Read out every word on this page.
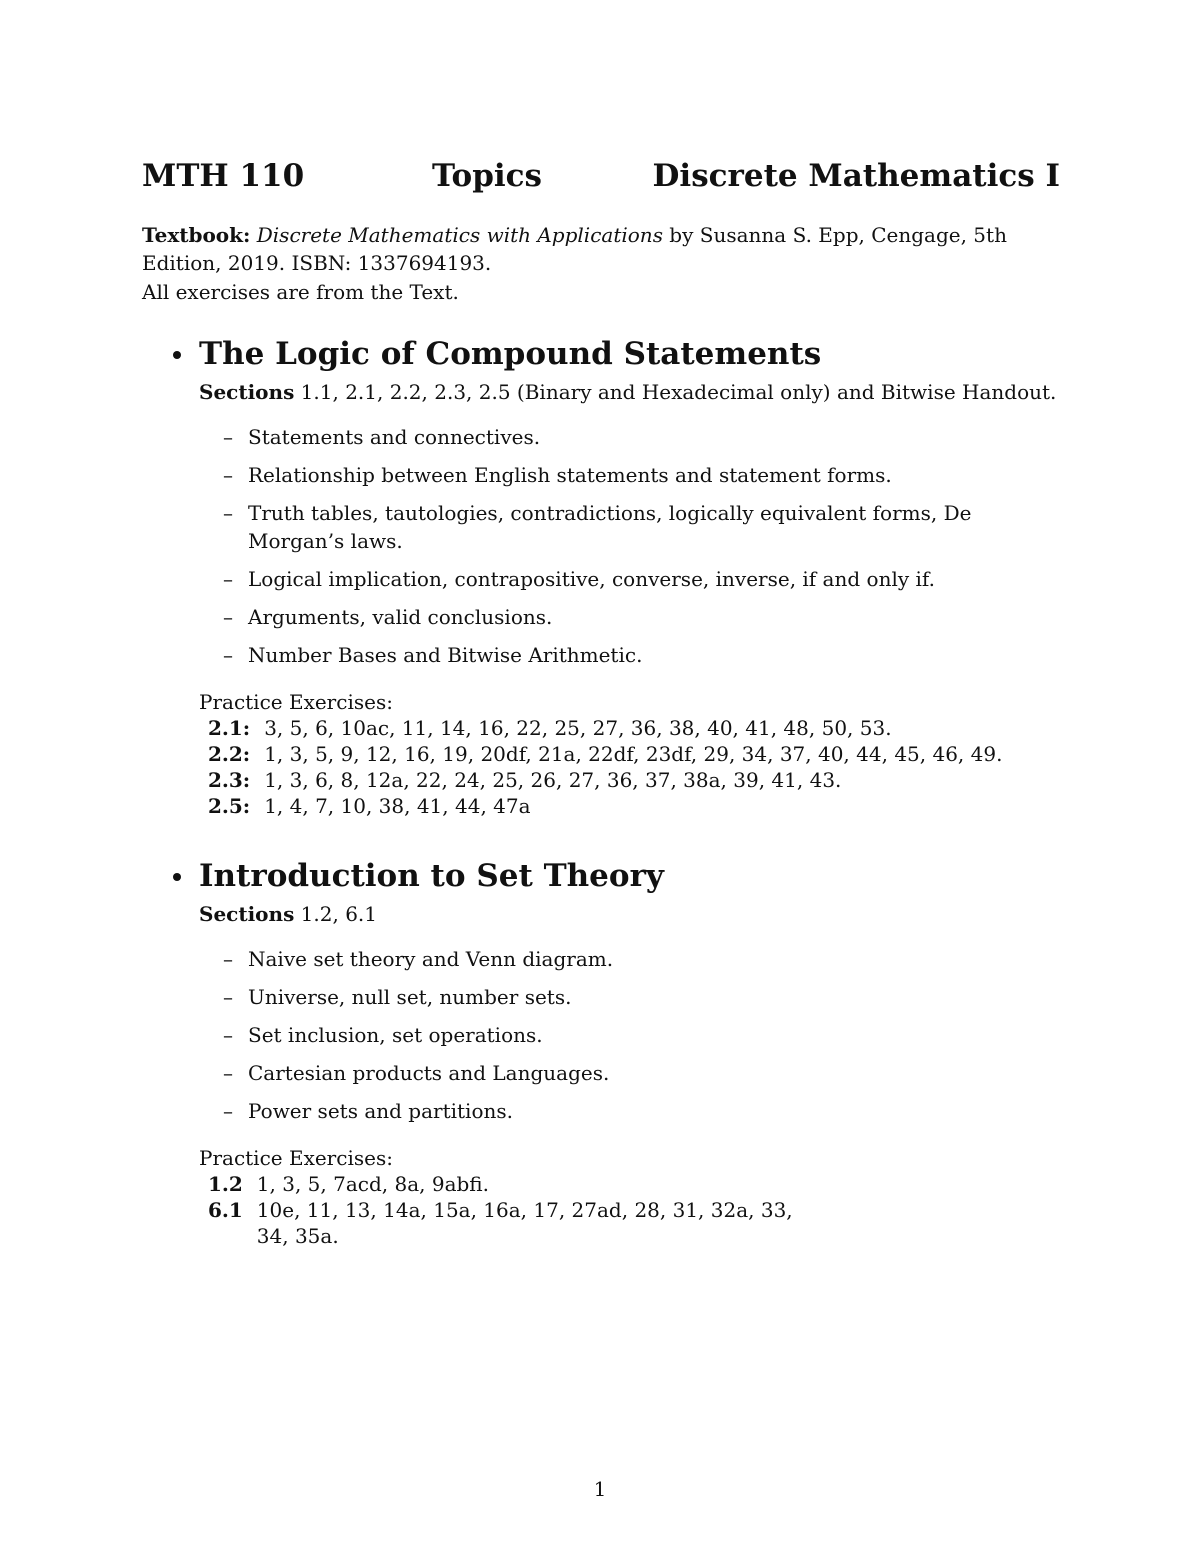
MTH 110	Topics	Discrete Mathematics I
Textbook: Discrete Mathematics with Applications by Susanna S. Epp, Cengage, 5th Edition, 2019. ISBN: 1337694193.
All exercises are from the Text.
The Logic of Compound Statements
Sections 1.1, 2.1, 2.2, 2.3, 2.5 (Binary and Hexadecimal only) and Bitwise Handout.
– Statements and connectives.
– Relationship between English statements and statement forms.
– Truth tables, tautologies, contradictions, logically equivalent forms, De Morgan’s laws.
– Logical implication, contrapositive, converse, inverse, if and only if.
– Arguments, valid conclusions.
– Number Bases and Bitwise Arithmetic.
Practice Exercises:
2.1:	3, 5, 6, 10ac, 11, 14, 16, 22, 25, 27, 36, 38, 40, 41, 48, 50, 53.
2.2:	1, 3, 5, 9, 12, 16, 19, 20df, 21a, 22df, 23df, 29, 34, 37, 40, 44, 45, 46, 49.
2.3:	1, 3, 6, 8, 12a, 22, 24, 25, 26, 27, 36, 37, 38a, 39, 41, 43.
2.5:	1, 4, 7, 10, 38, 41, 44, 47a
Introduction to Set Theory
Sections 1.2, 6.1
– Naive set theory and Venn diagram.
– Universe, null set, number sets.
– Set inclusion, set operations.
– Cartesian products and Languages.
– Power sets and partitions.
Practice Exercises:
1.2	1, 3, 5, 7acd, 8a, 9abfi.
6.1	10e, 11, 13, 14a, 15a, 16a, 17, 27ad, 28, 31, 32a, 33, 34, 35a.
1
